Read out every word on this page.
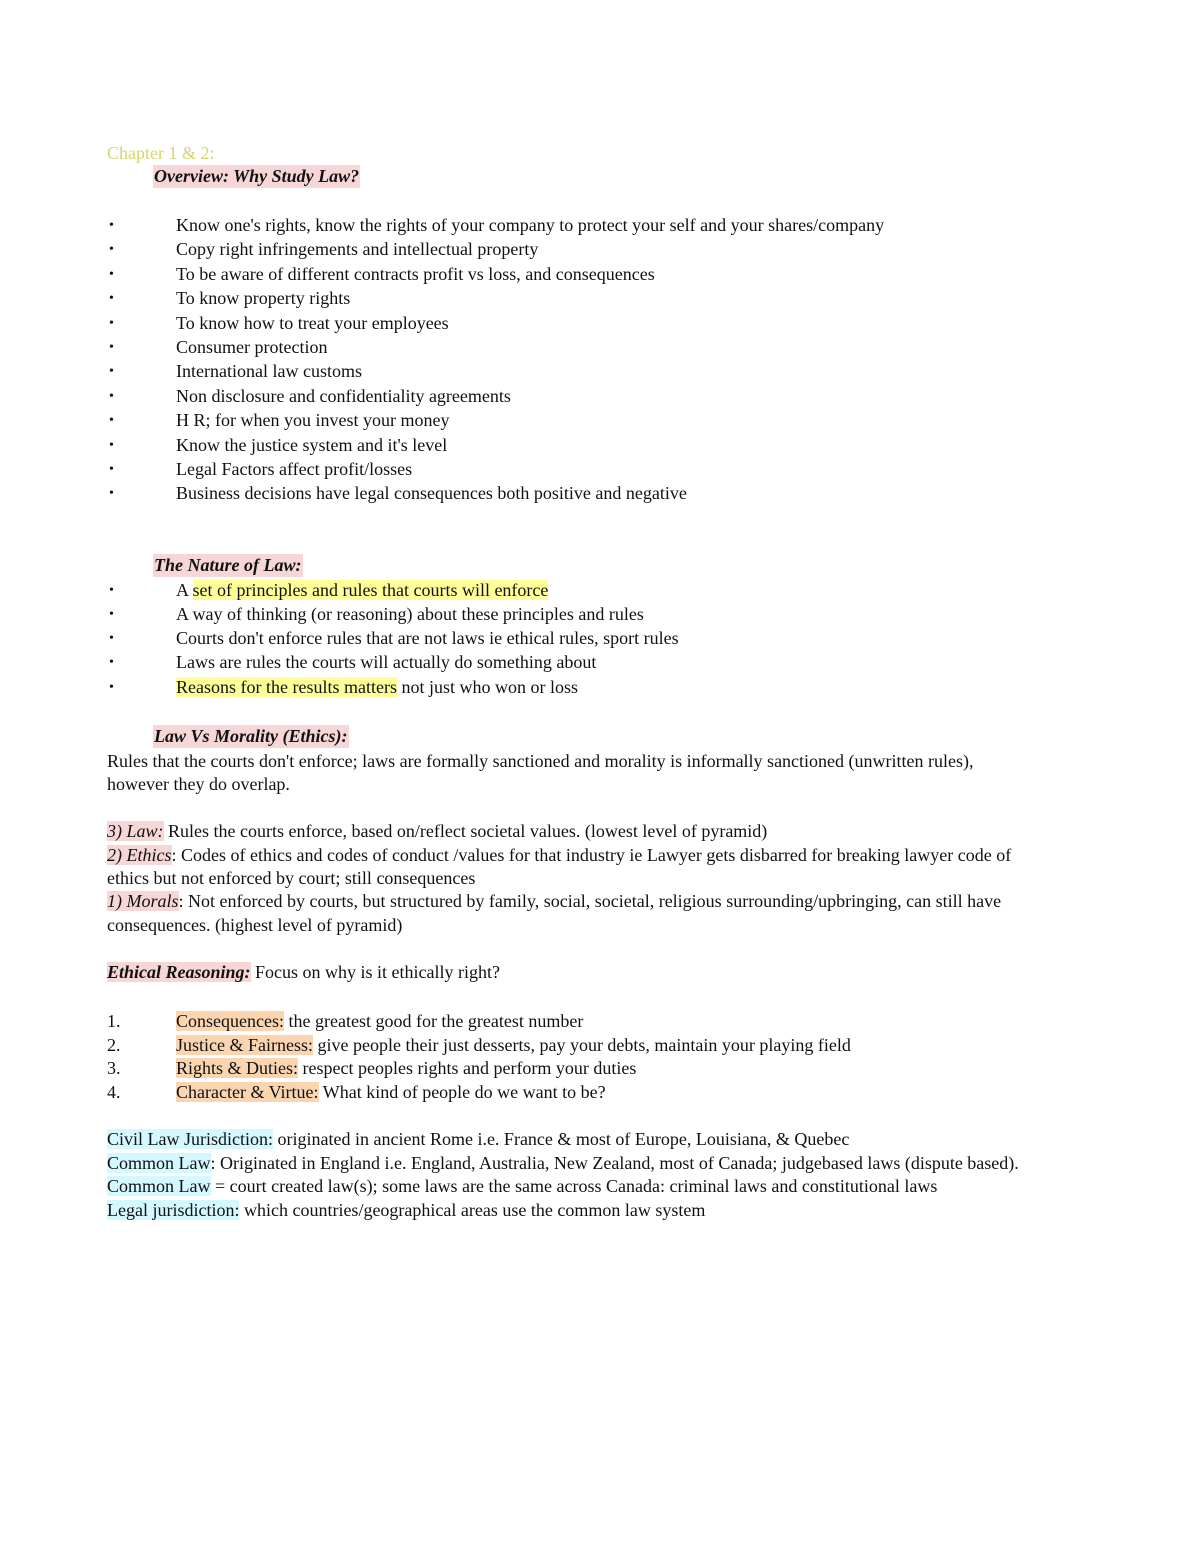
Chapter 1 & 2:
Overview: Why Study Law?
•	Know one's rights, know the rights of your company to protect your self and your shares/company
•	Copy right infringements and intellectual property
•	To be aware of different contracts profit vs loss, and consequences
•	To know property rights
•	To know how to treat your employees
•	Consumer protection
•	International law customs
•	Non disclosure and confidentiality agreements
•	H R; for when you invest your money
•	Know the justice system and it's level
•	Legal Factors affect profit/losses
•	Business decisions have legal consequences both positive and negative
The Nature of Law:
•	A set of principles and rules that courts will enforce
•	A way of thinking (or reasoning) about these principles and rules
•	Courts don't enforce rules that are not laws ie ethical rules, sport rules
•	Laws are rules the courts will actually do something about
•	Reasons for the results matters not just who won or loss
Law Vs Morality (Ethics):
Rules that the courts don't enforce; laws are formally sanctioned and morality is informally sanctioned (unwritten rules),
however they do overlap.
3) Law: Rules the courts enforce, based on/reflect societal values. (lowest level of pyramid)
2) Ethics: Codes of ethics and codes of conduct /values for that industry ie Lawyer gets disbarred for breaking lawyer code of
ethics but not enforced by court; still consequences
1) Morals: Not enforced by courts, but structured by family, social, societal, religious surrounding/upbringing, can still have
consequences. (highest level of pyramid)
Ethical Reasoning: Focus on why is it ethically right?
1.	Consequences: the greatest good for the greatest number
2.	Justice & Fairness: give people their just desserts, pay your debts, maintain your playing field
3.	Rights & Duties: respect peoples rights and perform your duties
4.	Character & Virtue: What kind of people do we want to be?
Civil Law Jurisdiction: originated in ancient Rome i.e. France & most of Europe, Louisiana, & Quebec
Common Law: Originated in England i.e. England, Australia, New Zealand, most of Canada; judgebased laws (dispute based).
Common Law = court created law(s); some laws are the same across Canada: criminal laws and constitutional laws
Legal jurisdiction: which countries/geographical areas use the common law system
